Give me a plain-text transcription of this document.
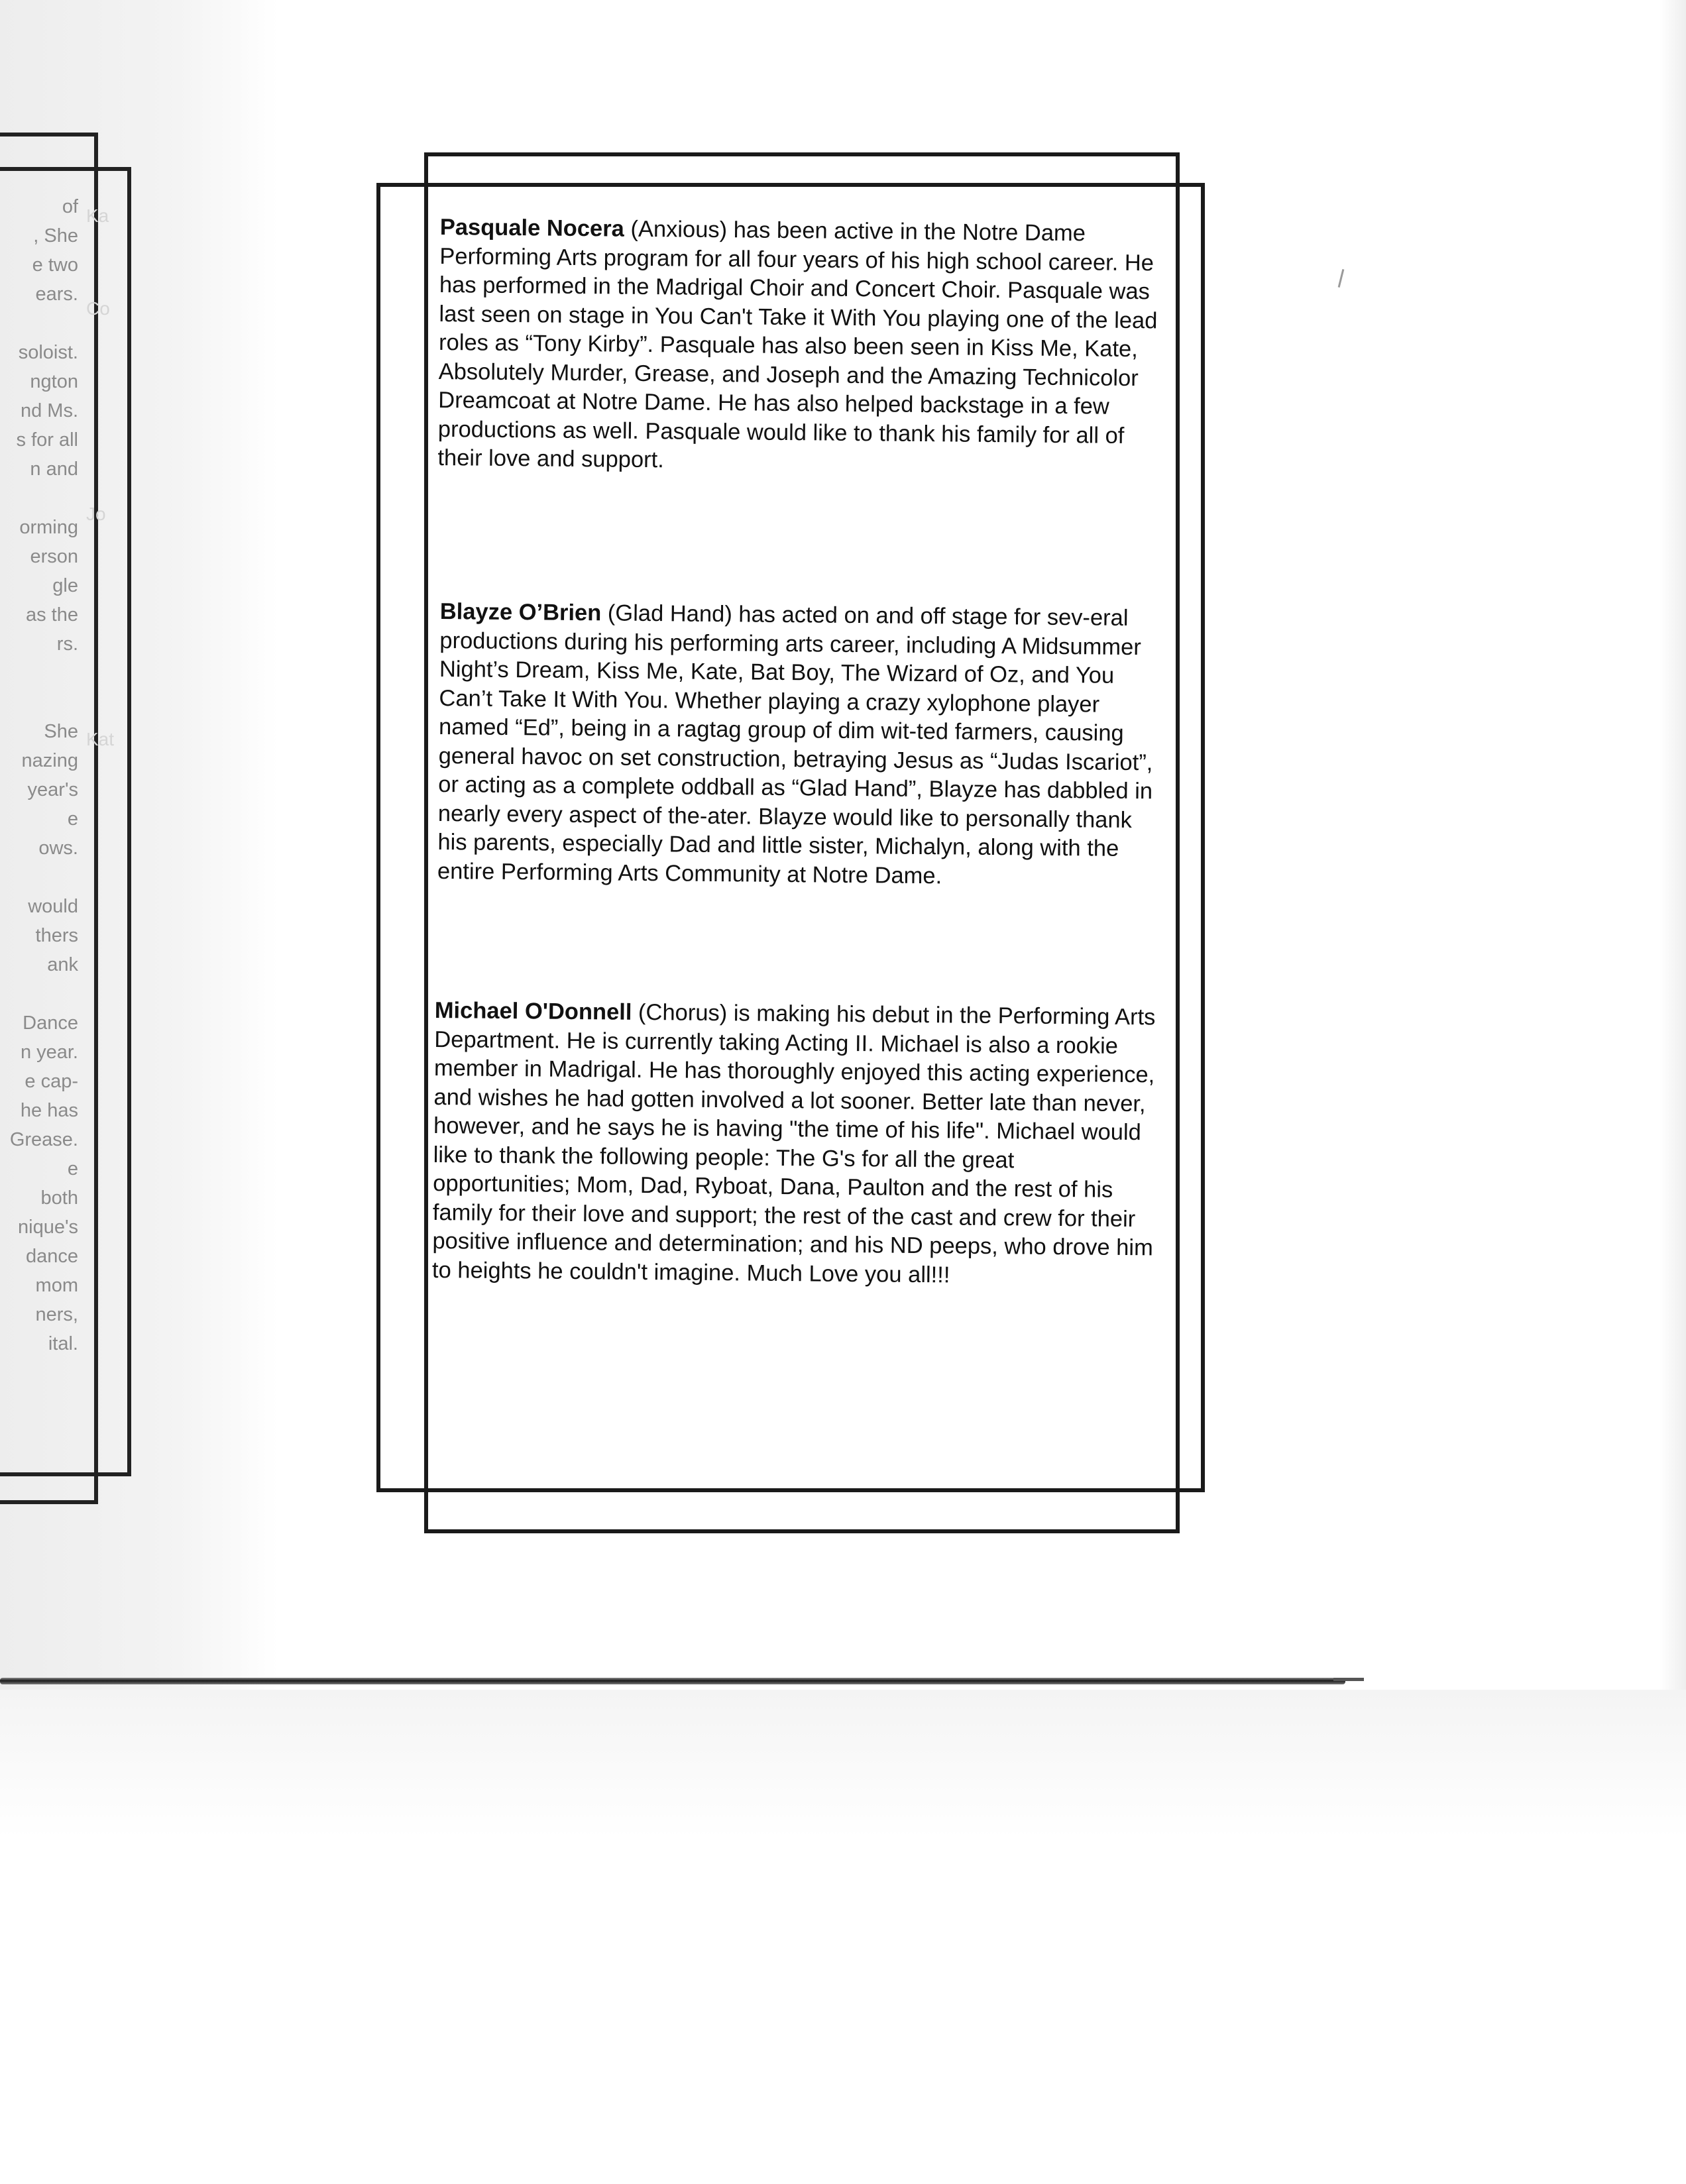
of
, She
e two
ears.
soloist.
ngton
nd Ms.
s for all
n and
orming
erson
gle
as the
rs.
She
nazing
year's
e
ows.
would
thers
ank
Dance
n year.
e cap-
he has
Grease.
e
both
nique's
dance
mom
ners,
ital.
Ka
Co
Jo
Kat
Pasquale Nocera (Anxious) has been active in the Notre Dame Performing Arts program for all four years of his high school career. He has performed in the Madrigal Choir and Concert Choir. Pasquale was last seen on stage in You Can't Take it With You playing one of the lead roles as “Tony Kirby”. Pasquale has also been seen in Kiss Me, Kate, Absolutely Murder, Grease, and Joseph and the Amazing Technicolor Dreamcoat at Notre Dame. He has also helped backstage in a few productions as well. Pasquale would like to thank his family for all of their love and support.
Blayze O’Brien (Glad Hand) has acted on and off stage for sev-eral productions during his performing arts career, including A Midsummer Night’s Dream, Kiss Me, Kate, Bat Boy, The Wizard of Oz, and You Can’t Take It With You. Whether playing a crazy xylophone player named “Ed”, being in a ragtag group of dim wit-ted farmers, causing general havoc on set construction, betraying Jesus as “Judas Iscariot”, or acting as a complete oddball as “Glad Hand”, Blayze has dabbled in nearly every aspect of the-ater. Blayze would like to personally thank his parents, especially Dad and little sister, Michalyn, along with the entire Performing Arts Community at Notre Dame.
Michael O'Donnell (Chorus) is making his debut in the Performing Arts Department. He is currently taking Acting II. Michael is also a rookie member in Madrigal. He has thoroughly enjoyed this acting experience, and wishes he had gotten involved a lot sooner. Better late than never, however, and he says he is having "the time of his life". Michael would like to thank the following people: The G's for all the great opportunities; Mom, Dad, Ryboat, Dana, Paulton and the rest of his family for their love and support; the rest of the cast and crew for their positive influence and determination; and his ND peeps, who drove him to heights he couldn't imagine. Much Love you all!!!
